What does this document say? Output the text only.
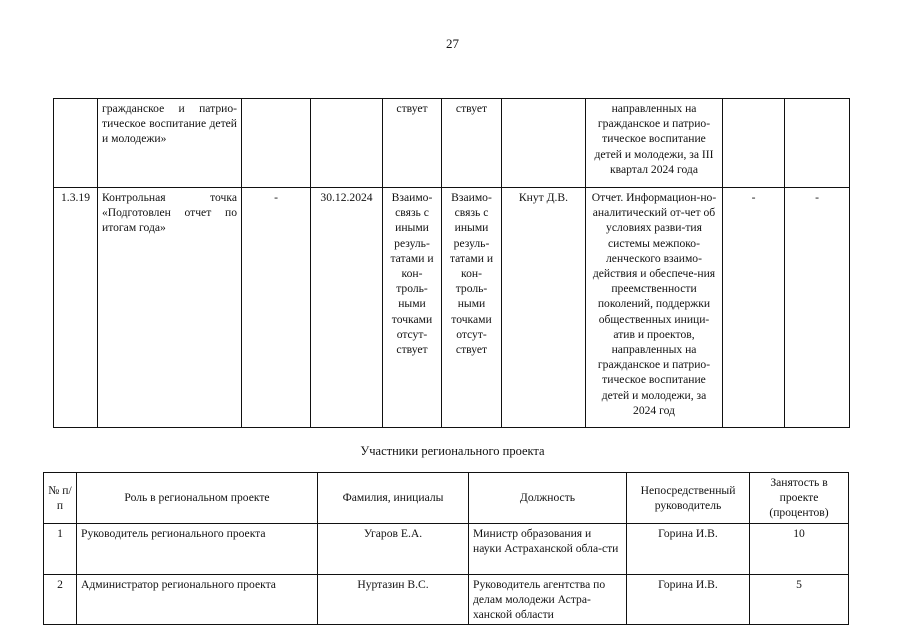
27
	гражданское и патрио-тическое воспитание детей и молодежи»			ствует	ствует		направленных на гражданское и патрио-тическое воспитание детей и молодежи, за III квартал 2024 года		
1.3.19	Контрольная точка «Подготовлен отчет по итогам года»	-	30.12.2024	Взаимо-связь с иными резуль-татами и кон-троль-ными точками отсут-ствует	Взаимо-связь с иными резуль-татами и кон-троль-ными точками отсут-ствует	Кнут Д.В.	Отчет. Информацион-но-аналитический от-чет об условиях разви-тия системы межпоко-ленческого взаимо-действия и обеспече-ния преемственности поколений, поддержки общественных иници-атив и проектов, направленных на гражданское и патрио-тическое воспитание детей и молодежи, за 2024 год	-	-
Участники регионального проекта
№ п/п	Роль в региональном проекте	Фамилия, инициалы	Должность	Непосредственный руководитель	Занятость в проекте (процентов)
1	Руководитель регионального проекта	Угаров Е.А.	Министр образования и науки Астраханской обла-сти	Горина И.В.	10
2	Администратор регионального проекта	Нуртазин В.С.	Руководитель агентства по делам молодежи Астра-ханской области	Горина И.В.	5
